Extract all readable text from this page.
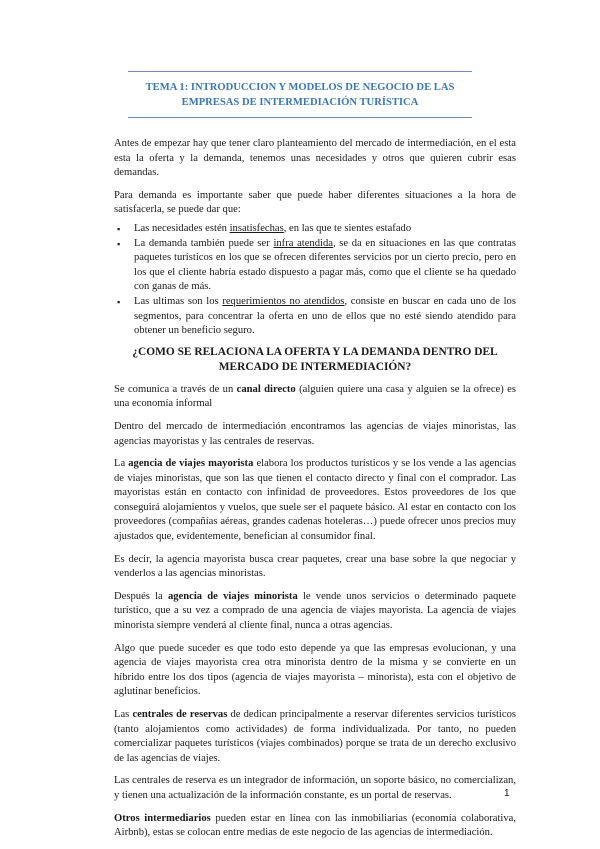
TEMA 1: INTRODUCCION Y MODELOS DE NEGOCIO DE LAS
EMPRESAS DE INTERMEDIACIÓN TURÍSTICA

Antes de empezar hay que tener claro planteamiento del mercado de intermediación, en el esta esta la oferta y la demanda, tenemos unas necesidades y otros que quieren cubrir esas demandas.

Para demanda es importante saber que puede haber diferentes situaciones a la hora de satisfacerla, se puede dar que:

▪ Las necesidades estén insatisfechas, en las que te sientes estafado
▪ La demanda también puede ser infra atendida, se da en situaciones en las que contratas paquetes turísticos en los que se ofrecen diferentes servicios por un cierto precio, pero en los que el cliente habría estado dispuesto a pagar más, como que el cliente se ha quedado con ganas de más.
▪ Las ultimas son los requerimientos no atendidos, consiste en buscar en cada uno de los segmentos, para concentrar la oferta en uno de ellos que no esté siendo atendido para obtener un beneficio seguro.
¿COMO SE RELACIONA LA OFERTA Y LA DEMANDA DENTRO DEL MERCADO DE INTERMEDIACIÓN?

Se comunica a través de un canal directo (alguien quiere una casa y alguien se la ofrece) es una economía informal

Dentro del mercado de intermediación encontramos las agencias de viajes minoristas, las agencias mayoristas y las centrales de reservas.

La agencia de viajes mayorista elabora los productos turísticos y se los vende a las agencias de viajes minoristas, que son las que tienen el contacto directo y final con el comprador. Las mayoristas están en contacto con infinidad de proveedores. Estos proveedores de los que conseguirá alojamientos y vuelos, que suele ser el paquete básico. Al estar en contacto con los proveedores (compañías aéreas, grandes cadenas hoteleras…) puede ofrecer unos precios muy ajustados que, evidentemente, benefician al consumidor final.

Es decir, la agencia mayorista busca crear paquetes, crear una base sobre la que negociar y venderlos a las agencias minoristas.

Después la agencia de viajes minorista le vende unos servicios o determinado paquete turístico, que a su vez a comprado de una agencia de viajes mayorista. La agencia de viajes minorista siempre venderá al cliente final, nunca a otras agencias.

Algo que puede suceder es que todo esto depende ya que las empresas evolucionan, y una agencia de viajes mayorista crea otra minorista dentro de la misma y se convierte en un híbrido entre los dos tipos (agencia de viajes mayorista – minorista), esta con el objetivo de aglutinar beneficios.

Las centrales de reservas de dedican principalmente a reservar diferentes servicios turísticos (tanto alojamientos como actividades) de forma individualizada. Por tanto, no pueden comercializar paquetes turísticos (viajes combinados) porque se trata de un derecho exclusivo de las agencias de viajes.

Las centrales de reserva es un integrador de información, un soporte básico, no comercializan, y tienen una actualización de la información constante, es un portal de reservas.

Otros intermediarios pueden estar en línea con las inmobiliarias (economía colaborativa, Airbnb), estas se colocan entre medias de este negocio de las agencias de intermediación.

1
